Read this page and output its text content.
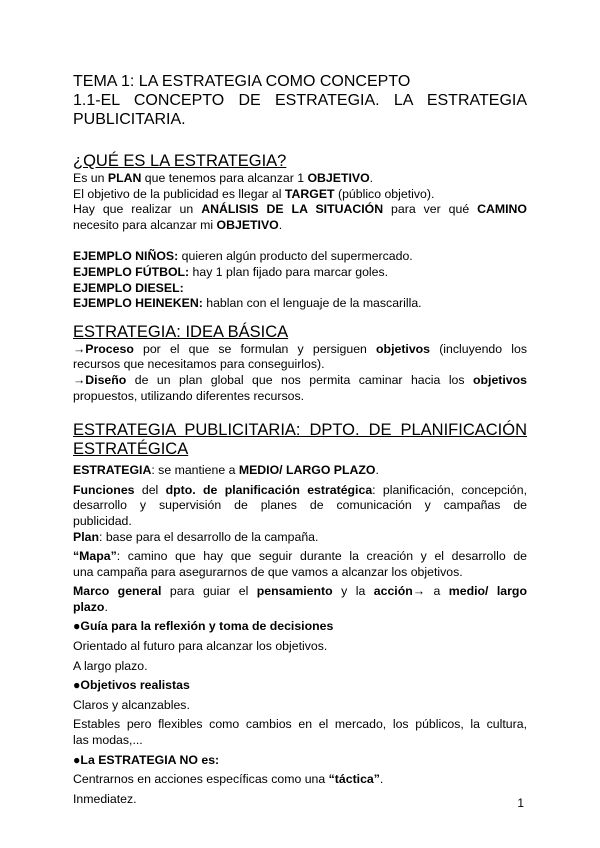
TEMA 1: LA ESTRATEGIA COMO CONCEPTO

1.1-EL CONCEPTO DE ESTRATEGIA. LA ESTRATEGIA

PUBLICITARIA.

¿QUÉ ES LA ESTRATEGIA?

Es un PLAN que tenemos para alcanzar 1 OBJETIVO.

El objetivo de la publicidad es llegar al TARGET (público objetivo).

Hay que realizar un ANÁLISIS DE LA SITUACIÓN para ver qué CAMINO

necesito para alcanzar mi OBJETIVO.

EJEMPLO NIÑOS: quieren algún producto del supermercado.

EJEMPLO FÚTBOL: hay 1 plan fijado para marcar goles.

EJEMPLO DIESEL:

EJEMPLO HEINEKEN: hablan con el lenguaje de la mascarilla.

ESTRATEGIA: IDEA BÁSICA

→Proceso por el que se formulan y persiguen objetivos (incluyendo los

recursos que necesitamos para conseguirlos).

→Diseño de un plan global que nos permita caminar hacia los objetivos

propuestos, utilizando diferentes recursos.

ESTRATEGIA PUBLICITARIA: DPTO. DE PLANIFICACIÓN

ESTRATÉGICA

ESTRATEGIA: se mantiene a MEDIO/ LARGO PLAZO.

Funciones del dpto. de planificación estratégica: planificación, concepción,

desarrollo y supervisión de planes de comunicación y campañas de

publicidad.

Plan: base para el desarrollo de la campaña.

“Mapa”: camino que hay que seguir durante la creación y el desarrollo de

una campaña para asegurarnos de que vamos a alcanzar los objetivos.

Marco general para guiar el pensamiento y la acción→ a medio/ largo

plazo.

●Guía para la reflexión y toma de decisiones

Orientado al futuro para alcanzar los objetivos.

A largo plazo.

●Objetivos realistas

Claros y alcanzables.

Estables pero flexibles como cambios en el mercado, los públicos, la cultura,

las modas,...

●La ESTRATEGIA NO es:

Centrarnos en acciones específicas como una “táctica”.

Inmediatez.	1
